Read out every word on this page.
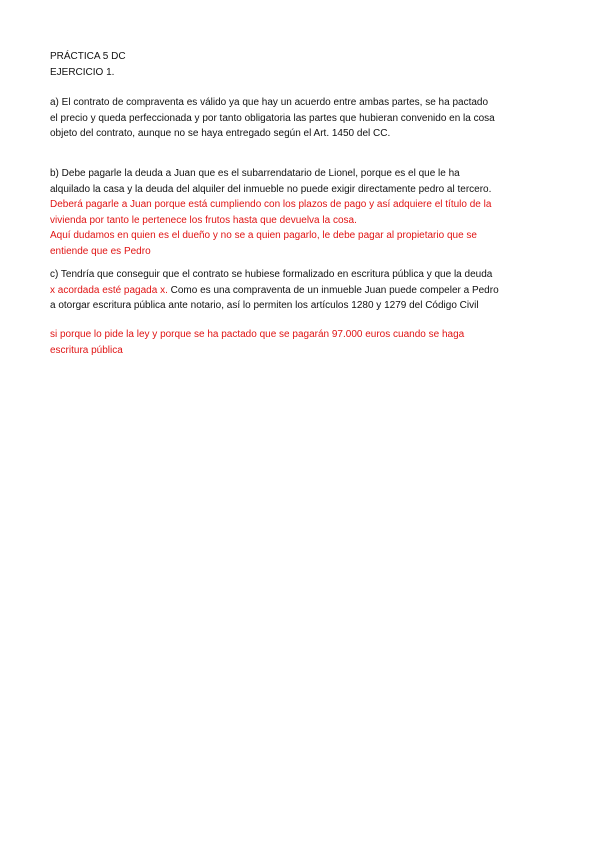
PRÁCTICA 5 DC
EJERCICIO 1.
a) El contrato de compraventa es válido ya que hay un acuerdo entre ambas partes, se ha pactado
el precio y queda perfeccionada y por tanto obligatoria las partes que hubieran convenido en la cosa
objeto del contrato, aunque no se haya entregado según el Art. 1450 del CC.
b) Debe pagarle la deuda a Juan que es el subarrendatario de Lionel, porque es el que le ha
alquilado la casa y la deuda del alquiler del inmueble no puede exigir directamente pedro al tercero.
Deberá pagarle a Juan porque está cumpliendo con los plazos de pago y así adquiere el título de la
vivienda por tanto le pertenece los frutos hasta que devuelva la cosa.
Aquí dudamos en quien es el dueño y no se a quien pagarlo, le debe pagar al propietario que se
entiende que es Pedro
c) Tendría que conseguir que el contrato se hubiese formalizado en escritura pública y que la deuda
x acordada esté pagada x. Como es una compraventa de un inmueble Juan puede compeler a Pedro
a otorgar escritura pública ante notario, así lo permiten los artículos 1280 y 1279 del Código Civil
si porque lo pide la ley y porque se ha pactado que se pagarán 97.000 euros cuando se haga
escritura pública
